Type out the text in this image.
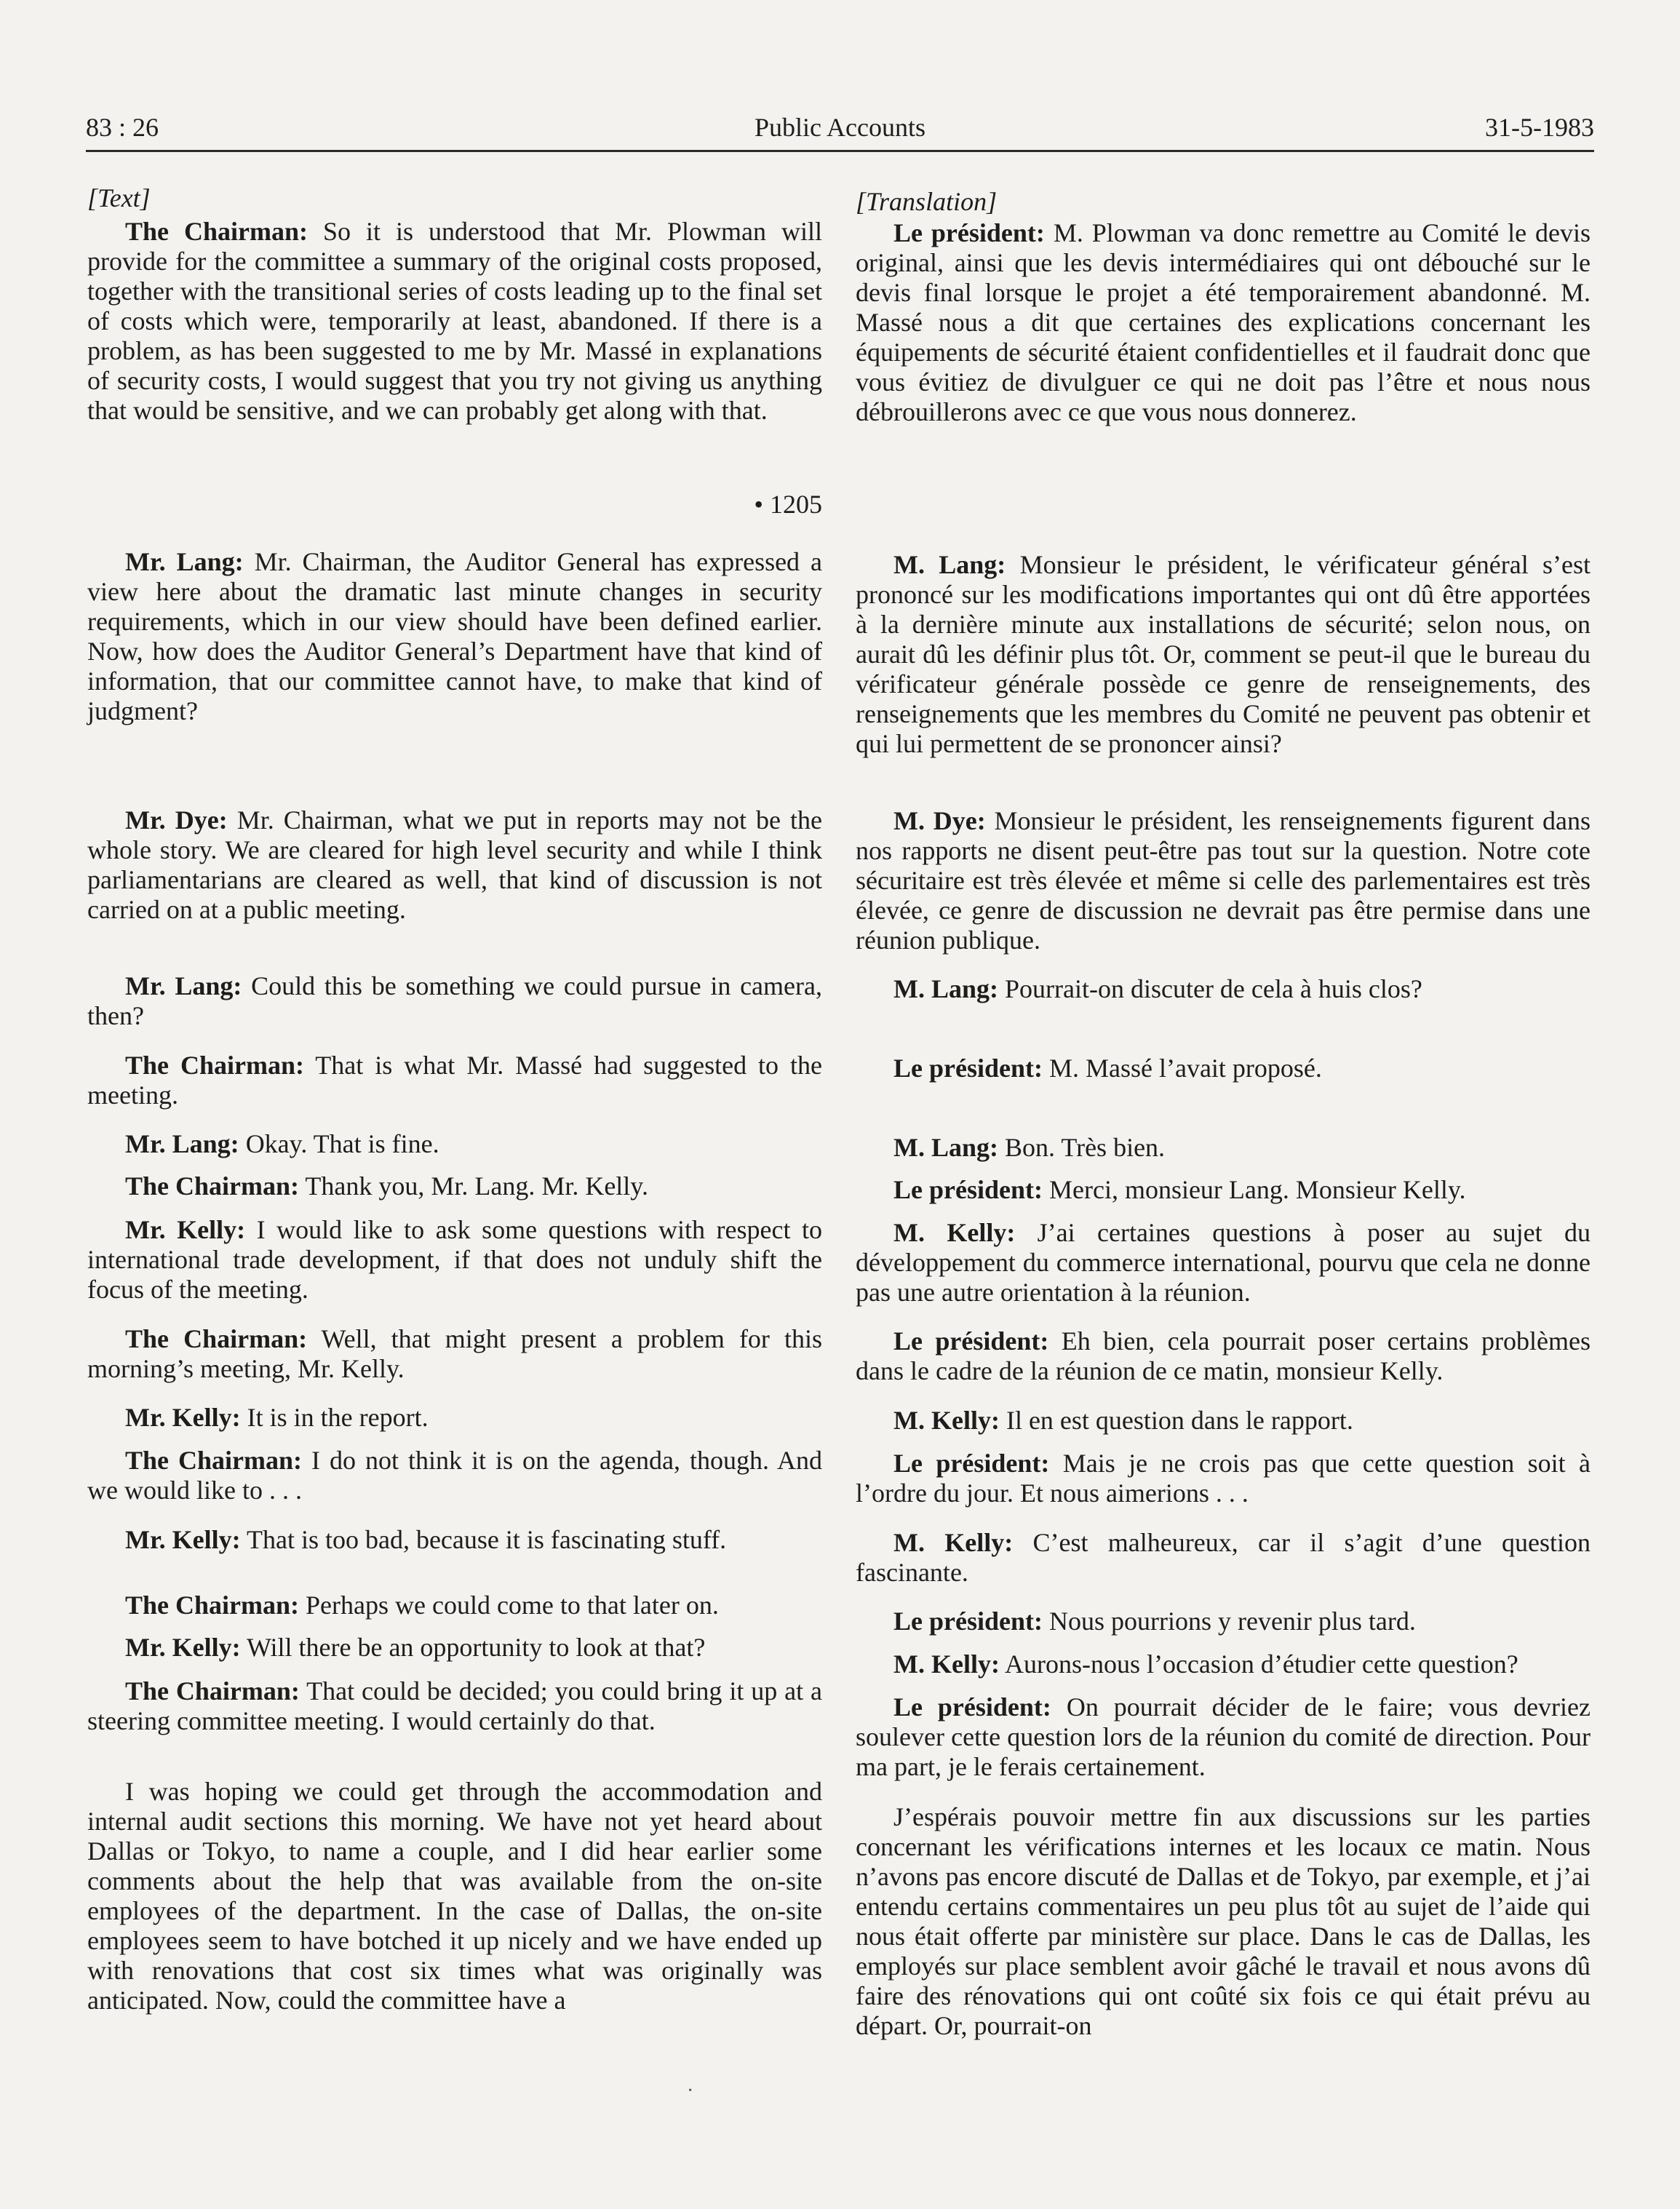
83 : 26	Public Accounts	31-5-1983
[Text]

The Chairman: So it is understood that Mr. Plowman will provide for the committee a summary of the original costs proposed, together with the transitional series of costs leading up to the final set of costs which were, temporarily at least, abandoned. If there is a problem, as has been suggested to me by Mr. Massé in explanations of security costs, I would suggest that you try not giving us anything that would be sensitive, and we can probably get along with that.

• 1205

Mr. Lang: Mr. Chairman, the Auditor General has expressed a view here about the dramatic last minute changes in security requirements, which in our view should have been defined earlier. Now, how does the Auditor General’s Department have that kind of information, that our committee cannot have, to make that kind of judgment?

Mr. Dye: Mr. Chairman, what we put in reports may not be the whole story. We are cleared for high level security and while I think parliamentarians are cleared as well, that kind of discussion is not carried on at a public meeting.

Mr. Lang: Could this be something we could pursue in camera, then?

The Chairman: That is what Mr. Massé had suggested to the meeting.

Mr. Lang: Okay. That is fine.

The Chairman: Thank you, Mr. Lang. Mr. Kelly.

Mr. Kelly: I would like to ask some questions with respect to international trade development, if that does not unduly shift the focus of the meeting.

The Chairman: Well, that might present a problem for this morning’s meeting, Mr. Kelly.

Mr. Kelly: It is in the report.

The Chairman: I do not think it is on the agenda, though. And we would like to . . .

Mr. Kelly: That is too bad, because it is fascinating stuff.

The Chairman: Perhaps we could come to that later on.

Mr. Kelly: Will there be an opportunity to look at that?

The Chairman: That could be decided; you could bring it up at a steering committee meeting. I would certainly do that.

I was hoping we could get through the accommodation and internal audit sections this morning. We have not yet heard about Dallas or Tokyo, to name a couple, and I did hear earlier some comments about the help that was available from the on-site employees of the department. In the case of Dallas, the on-site employees seem to have botched it up nicely and we have ended up with renovations that cost six times what was originally was anticipated. Now, could the committee have a

[Translation]

Le président: M. Plowman va donc remettre au Comité le devis original, ainsi que les devis intermédiaires qui ont débouché sur le devis final lorsque le projet a été temporairement abandonné. M. Massé nous a dit que certaines des explications concernant les équipements de sécurité étaient confidentielles et il faudrait donc que vous évitiez de divulguer ce qui ne doit pas l’être et nous nous débrouillerons avec ce que vous nous donnerez.

M. Lang: Monsieur le président, le vérificateur général s’est prononcé sur les modifications importantes qui ont dû être apportées à la dernière minute aux installations de sécurité; selon nous, on aurait dû les définir plus tôt. Or, comment se peut-il que le bureau du vérificateur générale possède ce genre de renseignements, des renseignements que les membres du Comité ne peuvent pas obtenir et qui lui permettent de se prononcer ainsi?

M. Dye: Monsieur le président, les renseignements figurent dans nos rapports ne disent peut-être pas tout sur la question. Notre cote sécuritaire est très élevée et même si celle des parlementaires est très élevée, ce genre de discussion ne devrait pas être permise dans une réunion publique.

M. Lang: Pourrait-on discuter de cela à huis clos?

Le président: M. Massé l’avait proposé.

M. Lang: Bon. Très bien.

Le président: Merci, monsieur Lang. Monsieur Kelly.

M. Kelly: J’ai certaines questions à poser au sujet du développement du commerce international, pourvu que cela ne donne pas une autre orientation à la réunion.

Le président: Eh bien, cela pourrait poser certains problèmes dans le cadre de la réunion de ce matin, monsieur Kelly.

M. Kelly: Il en est question dans le rapport.

Le président: Mais je ne crois pas que cette question soit à l’ordre du jour. Et nous aimerions . . .

M. Kelly: C’est malheureux, car il s’agit d’une question fascinante.

Le président: Nous pourrions y revenir plus tard.

M. Kelly: Aurons-nous l’occasion d’étudier cette question?

Le président: On pourrait décider de le faire; vous devriez soulever cette question lors de la réunion du comité de direction. Pour ma part, je le ferais certainement.

J’espérais pouvoir mettre fin aux discussions sur les parties concernant les vérifications internes et les locaux ce matin. Nous n’avons pas encore discuté de Dallas et de Tokyo, par exemple, et j’ai entendu certains commentaires un peu plus tôt au sujet de l’aide qui nous était offerte par ministère sur place. Dans le cas de Dallas, les employés sur place semblent avoir gâché le travail et nous avons dû faire des rénovations qui ont coûté six fois ce qui était prévu au départ. Or, pourrait-on

·
